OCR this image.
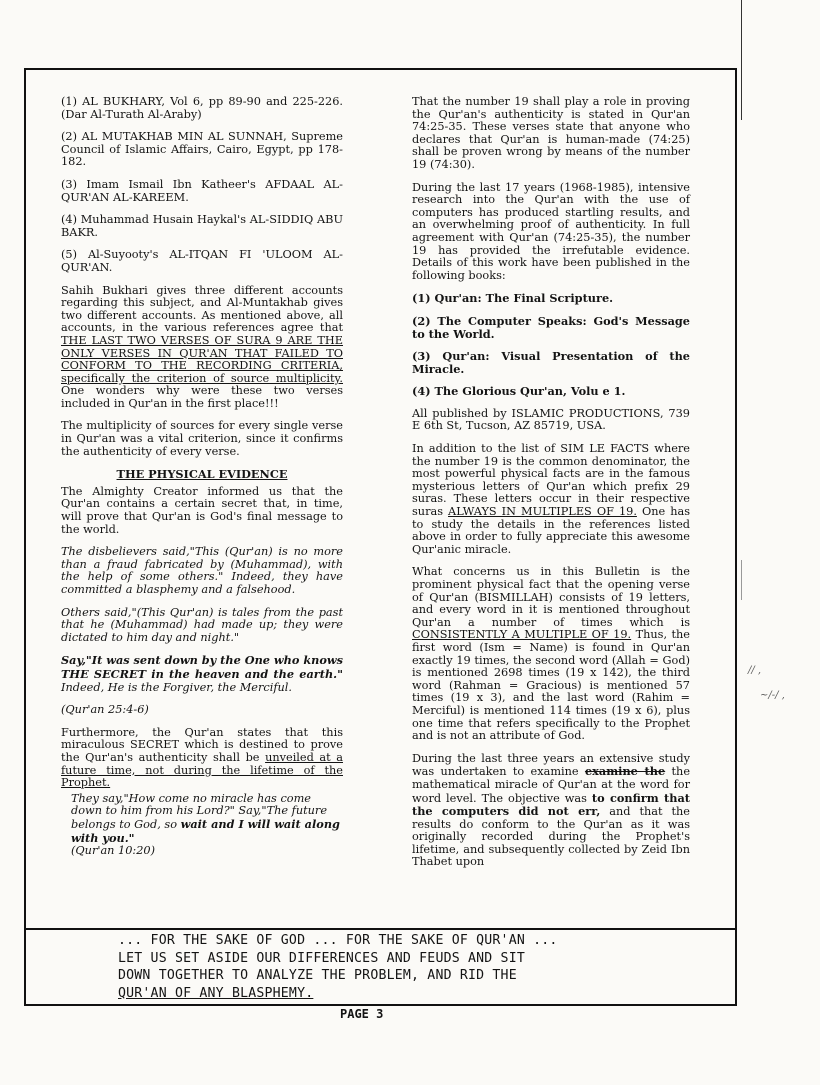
(1) AL BUKHARY, Vol 6, pp 89-90 and 225-226. (Dar Al-Turath Al-Araby)

(2) AL MUTAKHAB MIN AL SUNNAH, Supreme Council of Islamic Affairs, Cairo, Egypt, pp 178-182.

(3) Imam Ismail Ibn Katheer's AFDAAL AL-QUR'AN AL-KAREEM.

(4) Muhammad Husain Haykal's AL-SIDDIQ ABU BAKR.

(5) Al-Suyooty's AL-ITQAN FI 'ULOOM AL-QUR'AN.

Sahih Bukhari gives three different accounts regarding this subject, and Al-Muntakhab gives two different accounts. As mentioned above, all accounts, in the various references agree that THE LAST TWO VERSES OF SURA 9 ARE THE ONLY VERSES IN QUR'AN THAT FAILED TO CONFORM TO THE RECORDING CRITERIA, specifically the criterion of source multiplicity. One wonders why were these two verses included in Qur'an in the first place!!!

The multiplicity of sources for every single verse in Qur'an was a vital criterion, since it confirms the authenticity of every verse.

THE PHYSICAL EVIDENCE

The Almighty Creator informed us that the Qur'an contains a certain secret that, in time, will prove that Qur'an is God's final message to the world.

The disbelievers said,"This (Qur'an) is no more than a fraud fabricated by (Muhammad), with the help of some others." Indeed, they have committed a blasphemy and a falsehood.

Others said,"(This Qur'an) is tales from the past that he (Muhammad) had made up; they were dictated to him day and night."

Say,"It was sent down by the One who knows THE SECRET in the heaven and the earth." Indeed, He is the Forgiver, the Merciful.

(Qur'an 25:4-6)

Furthermore, the Qur'an states that this miraculous SECRET which is destined to prove the Qur'an's authenticity shall be unveiled at a future time, not during the lifetime of the Prophet.

They say,"How come no miracle has come down to him from his Lord?" Say,"The future belongs to God, so wait and I will wait along with you."
(Qur'an 10:20)

That the number 19 shall play a role in proving the Qur'an's authenticity is stated in Qur'an 74:25-35. These verses state that anyone who declares that Qur'an is human-made (74:25) shall be proven wrong by means of the number 19 (74:30).

During the last 17 years (1968-1985), intensive research into the Qur'an with the use of computers has produced startling results, and an overwhelming proof of authenticity. In full agreement with Qur'an (74:25-35), the number 19 has provided the irrefutable evidence. Details of this work have been published in the following books:

(1) Qur'an: The Final Scripture.

(2) The Computer Speaks: God's Message to the World.

(3) Qur'an: Visual Presentation of the Miracle.

(4) The Glorious Qur'an, Volu e 1.

All published by ISLAMIC PRODUCTIONS, 739 E 6th St, Tucson, AZ 85719, USA.

In addition to the list of SIM LE FACTS where the number 19 is the common denominator, the most powerful physical facts are in the famous mysterious letters of Qur'an which prefix 29 suras. These letters occur in their respective suras ALWAYS IN MULTIPLES OF 19. One has to study the details in the references listed above in order to fully appreciate this awesome Qur'anic miracle.

What concerns us in this Bulletin is the prominent physical fact that the opening verse of Qur'an (BISMILLAH) consists of 19 letters, and every word in it is mentioned throughout Qur'an a number of times which is CONSISTENTLY A MULTIPLE OF 19. Thus, the first word (Ism = Name) is found in Qur'an exactly 19 times, the second word (Allah = God) is mentioned 2698 times (19 x 142), the third word (Rahman = Gracious) is mentioned 57 times (19 x 3), and the last word (Rahim = Merciful) is mentioned 114 times (19 x 6), plus one time that refers specifically to the Prophet and is not an attribute of God.

During the last three years an extensive study was undertaken to examine examine the the mathematical miracle of Qur'an at the word for word level. The objective was to confirm that the computers did not err, and that the results do conform to the Qur'an as it was originally recorded during the Prophet's lifetime, and subsequently collected by Zeid Ibn Thabet upon

... FOR THE SAKE OF GOD ... FOR THE SAKE OF QUR'AN ...
LET US SET ASIDE OUR DIFFERENCES AND FEUDS AND SIT
DOWN TOGETHER TO ANALYZE THE PROBLEM, AND RID THE
QUR'AN OF ANY BLASPHEMY.
PAGE 3
// ,
~/-/ ,
